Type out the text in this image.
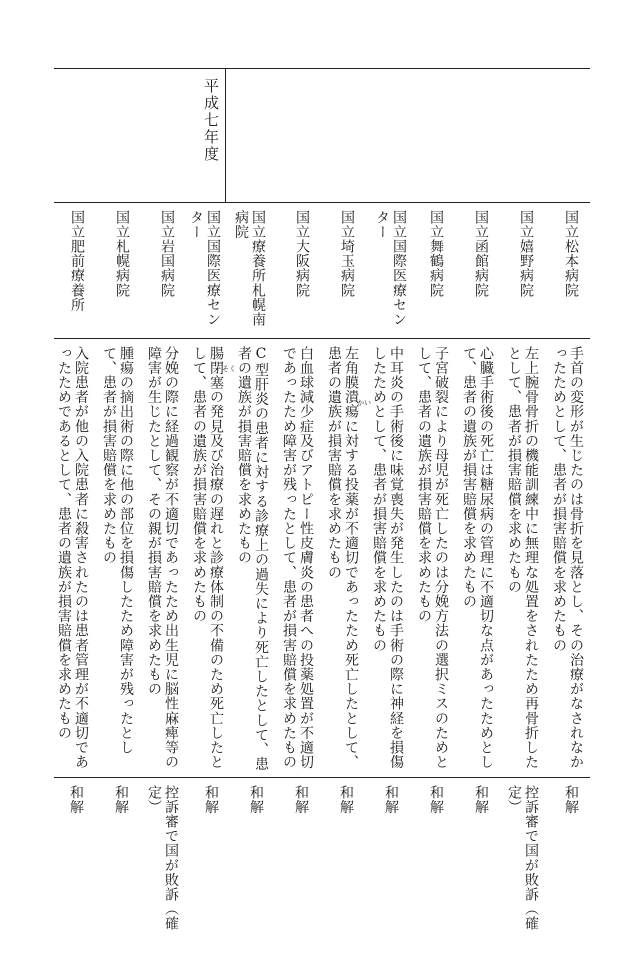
平成七年度
国立松本病院
国立嬉野病院
国立函館病院
国立舞鶴病院
国立国際医療センター
国立埼玉病院
国立大阪病院
国立療養所札幌南病院
国立国際医療センター
国立岩国病院
国立札幌病院
国立肥前療養所
手首の変形が生じたのは骨折を見落とし、その治療がなされなかったためとして、患者が損害賠償を求めたもの
左上腕骨骨折の機能訓練中に無理な処置をされたため再骨折したとして、患者が損害賠償を求めたもの
心臓手術後の死亡は糖尿病の管理に不適切な点があったためとして、患者の遺族が損害賠償を求めたもの
子宮破裂により母児が死亡したのは分娩方法の選択ミスのためとして、患者の遺族が損害賠償を求めたもの
中耳炎の手術後に味覚喪失が発生したのは手術の際に神経を損傷したためとして、患者が損害賠償を求めたもの
左角膜潰瘍に対する投薬が不適切であったため死亡したとして、患者の遺族が損害賠償を求めたもの	かい
白血球減少症及びアトピー性皮膚炎の患者への投薬処置が不適切であったため障害が残ったとして、患者が損害賠償を求めたもの
C型肝炎の患者に対する診療上の過失により死亡したとして、患者の遺族が損害賠償を求めたもの
腸閉塞の発見及び治療の遅れと診療体制の不備のため死亡したとして、患者の遺族が損害賠償を求めたもの	そく
分娩の際に経過観察が不適切であったため出生児に脳性麻痺等の障害が生じたとして、その親が損害賠償を求めたもの
腫瘍の摘出術の際に他の部位を損傷したため障害が残ったとして、患者が損害賠償を求めたもの
入院患者が他の入院患者に殺害されたのは患者管理が不適切であったためであるとして、患者の遺族が損害賠償を求めたもの
和解
控訴審で国が敗訴（確定）
和解
和解
和解
和解
和解
和解
和解
控訴審で国が敗訴（確定）
和解
和解
